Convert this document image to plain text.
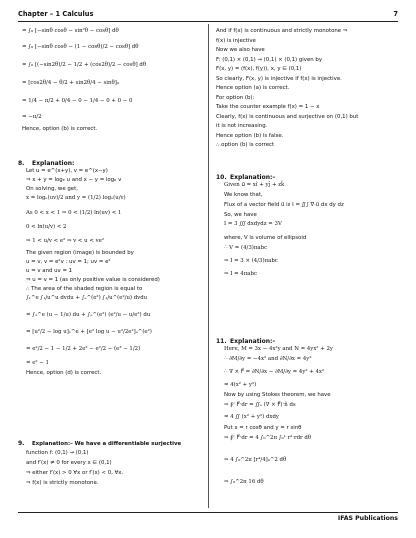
Chapter – 1 Calculus	7
= ∫₀ [−sinθ cosθ − sin²θ − cosθ] dθ
= ∫₀ [−sinθ cosθ − (1 − cosθ)/2 − cosθ] dθ
= ∫₀ [(−sin2θ)/2 − 1/2 + (cos2θ)/2 − cosθ] dθ
= [cos2θ/4 − θ/2 + sin2θ/4 − sinθ]₀
= 1/4 − π/2 + 0/4 − 0 − 1/4 − 0 + 0 − 0
= −π/2
Hence, option (b) is correct.
8. Explanation:
Let u = e^(x+y), v = e^(x−y)
⇒ x + y = logₑ u and x − y = logₑ v
On solving, we get,
x = logₑ(uv)/2 and y = (1/2) logₑ(u/v)
As 0 < x < 1 ⇒ 0 < (1/2) ln(uv) < 1
0 < ln(u/v) < 2
⇒ 1 < u/v < e² ⇒ v < u < ve²
The given region (image) is bounded by
u = v, v = e²v : uv = 1; uv = e²
u = v and uv = 1
⇒ u = v = 1 (as only positive value is considered)
∴ The area of the shaded region is equal to
∫₁^e ∫₁/u^u dvdu + ∫ₑ^(e²) ∫₁/u^(e²/u) dvdu
= ∫₁^e (u − 1/u) du + ∫ₑ^(e²) (e²/u − u/e²) du
= [u²/2 − log u]₁^e + [e² log u − u²/2e²]ₑ^(e²)
= e²/2 − 1 − 1/2 + 2e² − e²/2 − (e³ − 1/2)
= e² − 1
Hence, option (d) is correct.
9. Explanation:– We have a differentiable surjective
function f: (0,1) → (0,1)
and f′(x) ≠ 0 for every x ∈ (0,1)
⇒ either f′(x) > 0 ∀x or f′(x) < 0, ∀x.
⇒ f(x) is strictly monotone.
And if f(x) is continuous and strictly monotone ⇒
f(x) is injective
Now we also have
F: (0,1) × (0,1) → (0,1) × (0,1) given by
F(x, y) = (f(x), f(y)), x, y ∈ (0,1)
So clearly, F(x, y) is injective if f(x) is injective.
Hence option (a) is correct.
For option (b):
Take the counter example f(x) = 1 − x
Clearly, f(x) is continuous and surjective on (0,1) but
it is not increasing.
Hence option (b) is false.
∴ option (b) is correct
10. Explanation:–
Given u⃗ = xî + yĵ + zk̂
We know that,
Flux of a vector field u⃗ is I = ∬∫ ∇·u⃗ dx dy dz
So, we have
I = 3 ∭ dxdydz = 3V
where, V is volume of ellipsoid
∴ V = (4/3)πabc
⇒ I = 3 × (4/3)πabc
⇒ I = 4πabc
11. Explanation:–
Here, M = 3x − 4x²y and N = 4yx² + 2y
∴ ∂M/∂y = −4x² and ∂N/∂x = 4y²
∴ ∇ × F⃗ = ∂N/∂x − ∂M/∂y = 4y² + 4x²
= 4(x² + y²)
Now by using Stokes theorem, we have
⇒ ∮ᶜ F⃗·dr = ∬ₛ (∇ × F⃗)·n̂ ds
= 4 ∬ (x² + y²) dxdy
Put x = r cosθ and y = r sinθ
⇒ ∮ᶜ F⃗·dr = 4 ∫₀^2π ∫₀¹ r²·rdr dθ
⇒ 4 ∫₀^2π [r⁴/4]₀^2 dθ
⇒ ∫₀^2π 16 dθ
IFAS Publications
